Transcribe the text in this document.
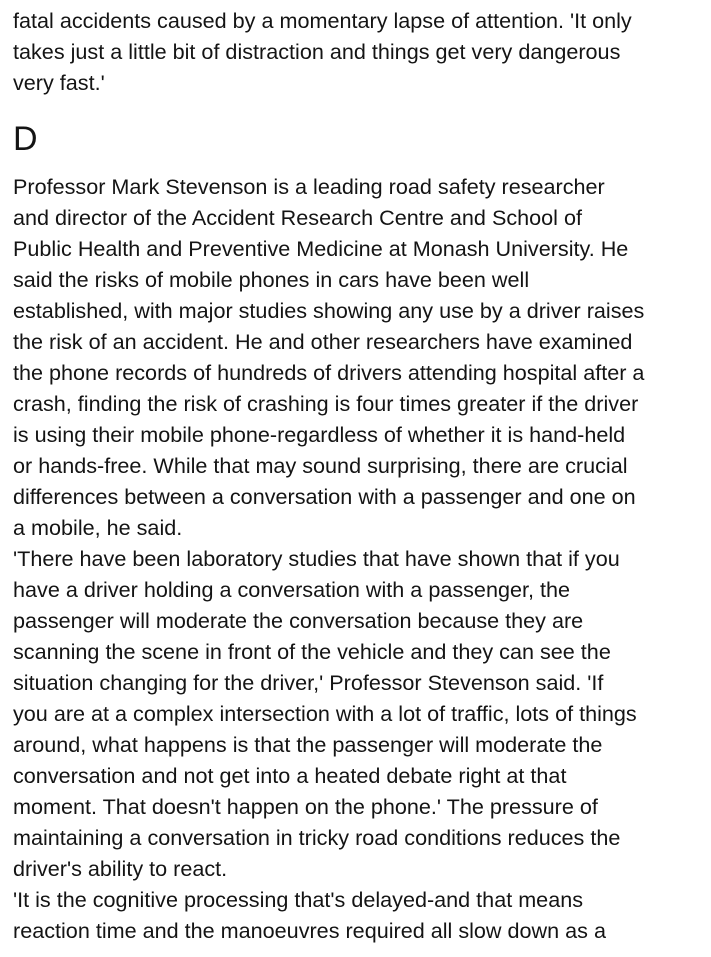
fatal accidents caused by a momentary lapse of attention. 'It only

takes just a little bit of distraction and things get very dangerous

very fast.'

D

Professor Mark Stevenson is a leading road safety researcher

and director of the Accident Research Centre and School of

Public Health and Preventive Medicine at Monash University. He

said the risks of mobile phones in cars have been well

established, with major studies showing any use by a driver raises

the risk of an accident. He and other researchers have examined

the phone records of hundreds of drivers attending hospital after a

crash, finding the risk of crashing is four times greater if the driver

is using their mobile phone-regardless of whether it is hand-held

or hands-free. While that may sound surprising, there are crucial

differences between a conversation with a passenger and one on

a mobile, he said.

'There have been laboratory studies that have shown that if you

have a driver holding a conversation with a passenger, the

passenger will moderate the conversation because they are

scanning the scene in front of the vehicle and they can see the

situation changing for the driver,' Professor Stevenson said. 'If

you are at a complex intersection with a lot of traffic, lots of things

around, what happens is that the passenger will moderate the

conversation and not get into a heated debate right at that

moment. That doesn't happen on the phone.' The pressure of

maintaining a conversation in tricky road conditions reduces the

driver's ability to react.

'It is the cognitive processing that's delayed-and that means

reaction time and the manoeuvres required all slow down as a
